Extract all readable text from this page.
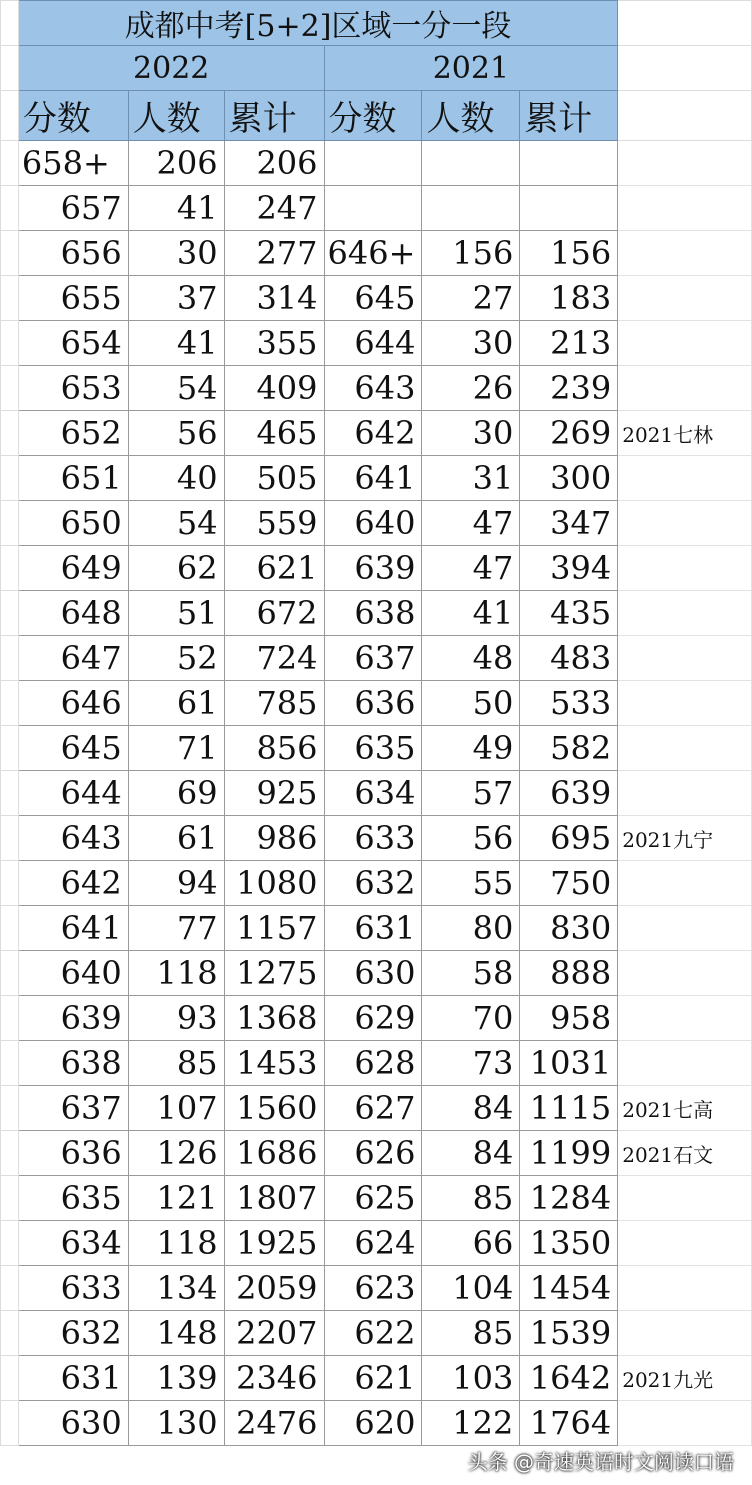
	成都中考[5+2]区域一分一段						
	2022			2021			
	分数	人数	累计	分数	人数	累计	
	658+	206	206				
	657	41	247				
	656	30	277	646+	156	156	
	655	37	314	645	27	183	
	654	41	355	644	30	213	
	653	54	409	643	26	239	
	652	56	465	642	30	269	2021七林
	651	40	505	641	31	300	
	650	54	559	640	47	347	
	649	62	621	639	47	394	
	648	51	672	638	41	435	
	647	52	724	637	48	483	
	646	61	785	636	50	533	
	645	71	856	635	49	582	
	644	69	925	634	57	639	
	643	61	986	633	56	695	2021九宁
	642	94	1080	632	55	750	
	641	77	1157	631	80	830	
	640	118	1275	630	58	888	
	639	93	1368	629	70	958	
	638	85	1453	628	73	1031	
	637	107	1560	627	84	1115	2021七高
	636	126	1686	626	84	1199	2021石文
	635	121	1807	625	85	1284	
	634	118	1925	624	66	1350	
	633	134	2059	623	104	1454	
	632	148	2207	622	85	1539	
	631	139	2346	621	103	1642	2021九光
	630	130	2476	620	122	1764	
头条 @奇速英语时文阅读口语
